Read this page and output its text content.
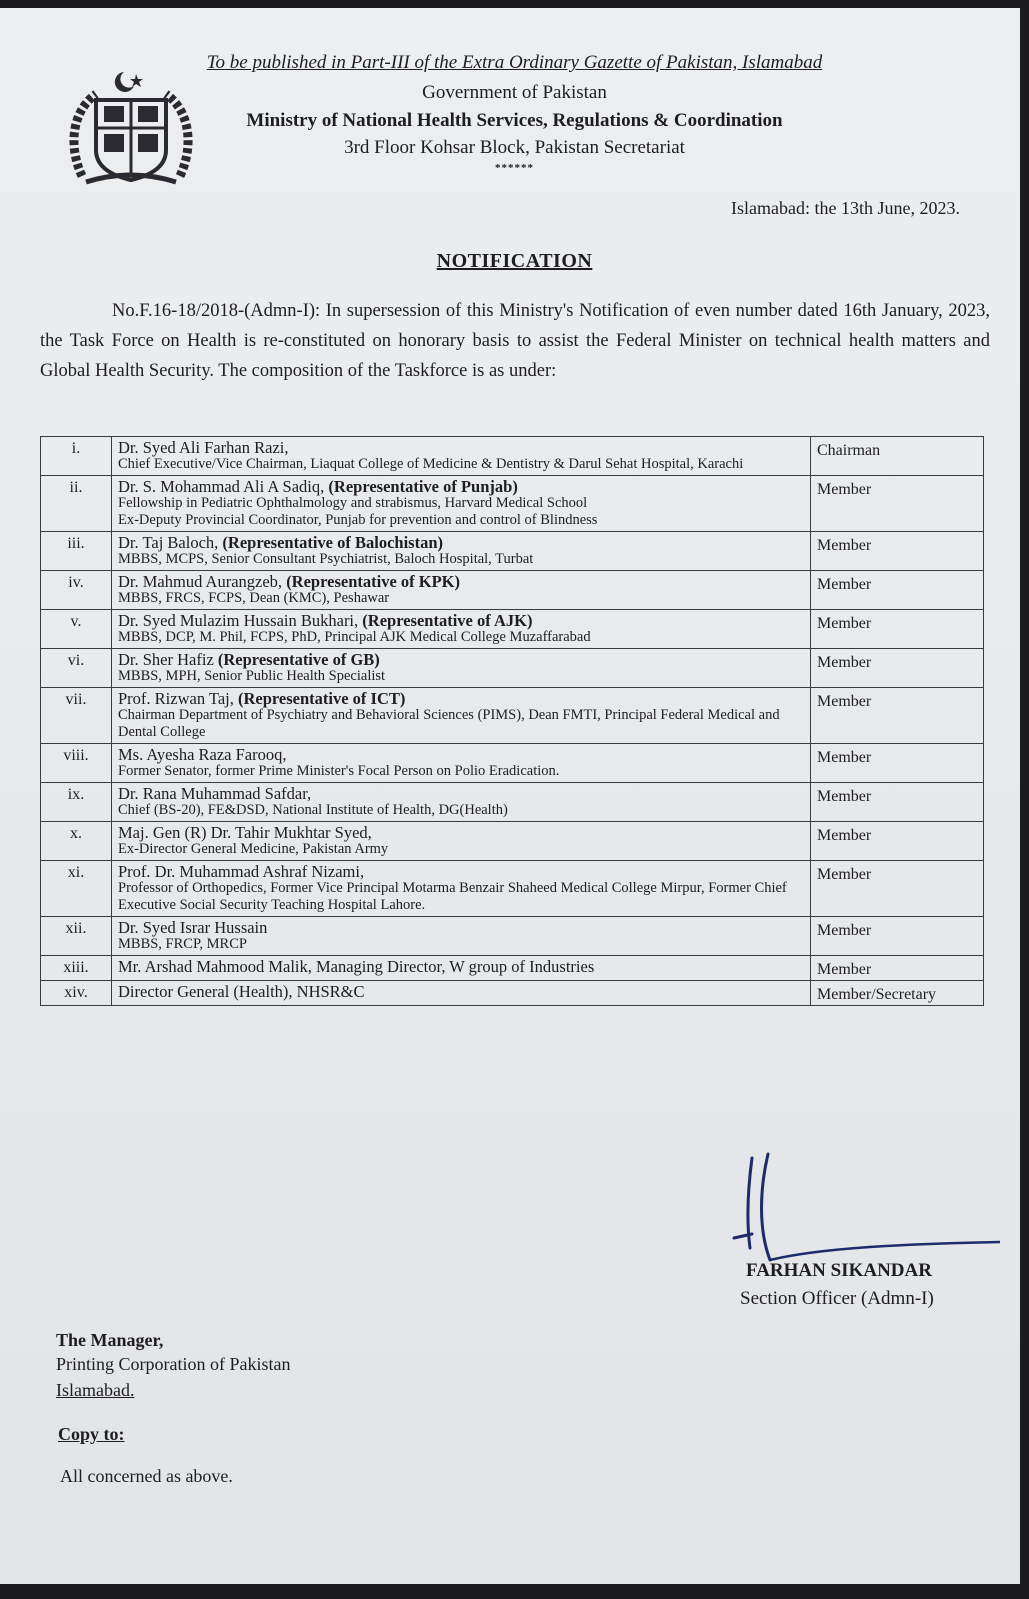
To be published in Part-III of the Extra Ordinary Gazette of Pakistan, Islamabad
Government of Pakistan
Ministry of National Health Services, Regulations & Coordination
3rd Floor Kohsar Block, Pakistan Secretariat
******
Islamabad: the 13th June, 2023.
NOTIFICATION
No.F.16-18/2018-(Admn-I): In supersession of this Ministry's Notification of even number dated 16th January, 2023, the Task Force on Health is re-constituted on honorary basis to assist the Federal Minister on technical health matters and Global Health Security. The composition of the Taskforce is as under:
i.	Dr. Syed Ali Farhan Razi,
Chief Executive/Vice Chairman, Liaquat College of Medicine & Dentistry & Darul Sehat Hospital, Karachi	Chairman
ii.	Dr. S. Mohammad Ali A Sadiq, (Representative of Punjab)
Fellowship in Pediatric Ophthalmology and strabismus, Harvard Medical School
Ex-Deputy Provincial Coordinator, Punjab for prevention and control of Blindness	Member
iii.	Dr. Taj Baloch, (Representative of Balochistan)
MBBS, MCPS, Senior Consultant Psychiatrist, Baloch Hospital, Turbat	Member
iv.	Dr. Mahmud Aurangzeb, (Representative of KPK)
MBBS, FRCS, FCPS, Dean (KMC), Peshawar	Member
v.	Dr. Syed Mulazim Hussain Bukhari, (Representative of AJK)
MBBS, DCP, M. Phil, FCPS, PhD, Principal AJK Medical College Muzaffarabad	Member
vi.	Dr. Sher Hafiz (Representative of GB)
MBBS, MPH, Senior Public Health Specialist	Member
vii.	Prof. Rizwan Taj, (Representative of ICT)
Chairman Department of Psychiatry and Behavioral Sciences (PIMS), Dean FMTI, Principal Federal Medical and Dental College	Member
viii.	Ms. Ayesha Raza Farooq,
Former Senator, former Prime Minister's Focal Person on Polio Eradication.	Member
ix.	Dr. Rana Muhammad Safdar,
Chief (BS-20), FE&DSD, National Institute of Health, DG(Health)	Member
x.	Maj. Gen (R) Dr. Tahir Mukhtar Syed,
Ex-Director General Medicine, Pakistan Army	Member
xi.	Prof. Dr. Muhammad Ashraf Nizami,
Professor of Orthopedics, Former Vice Principal Motarma Benzair Shaheed Medical College Mirpur, Former Chief Executive Social Security Teaching Hospital Lahore.	Member
xii.	Dr. Syed Israr Hussain
MBBS, FRCP, MRCP	Member
xiii.	Mr. Arshad Mahmood Malik, Managing Director, W group of Industries	Member
xiv.	Director General (Health), NHSR&C	Member/Secretary
FARHAN SIKANDAR
Section Officer (Admn-I)
The Manager,
Printing Corporation of Pakistan
Islamabad.
Copy to:
All concerned as above.
